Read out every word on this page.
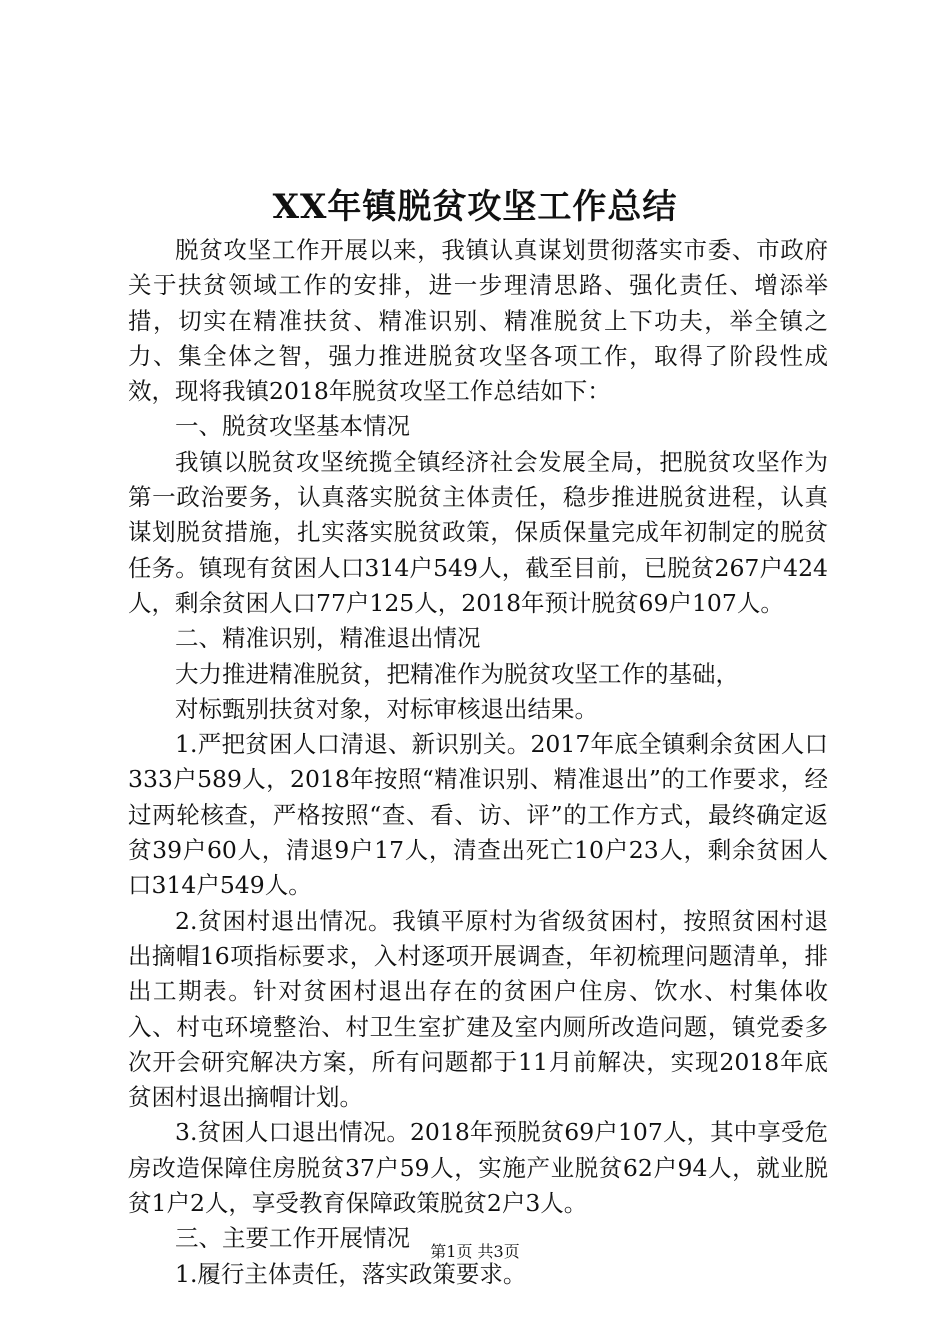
XX年镇脱贫攻坚工作总结

脱贫攻坚工作开展以来，我镇认真谋划贯彻落实市委、市政府关于扶贫领域工作的安排，进一步理清思路、强化责任、增添举措，切实在精准扶贫、精准识别、精准脱贫上下功夫，举全镇之力、集全体之智，强力推进脱贫攻坚各项工作，取得了阶段性成效，现将我镇2018年脱贫攻坚工作总结如下：

一、脱贫攻坚基本情况

我镇以脱贫攻坚统揽全镇经济社会发展全局，把脱贫攻坚作为第一政治要务，认真落实脱贫主体责任，稳步推进脱贫进程，认真谋划脱贫措施，扎实落实脱贫政策，保质保量完成年初制定的脱贫任务。镇现有贫困人口314户549人，截至目前，已脱贫267户424人，剩余贫困人口77户125人，2018年预计脱贫69户107人。

二、精准识别，精准退出情况

大力推进精准脱贫，把精准作为脱贫攻坚工作的基础，

对标甄别扶贫对象，对标审核退出结果。

1.严把贫困人口清退、新识别关。2017年底全镇剩余贫困人口333户589人，2018年按照“精准识别、精准退出”的工作要求，经过两轮核查，严格按照“查、看、访、评”的工作方式，最终确定返贫39户60人，清退9户17人，清查出死亡10户23人，剩余贫困人口314户549人。

2.贫困村退出情况。我镇平原村为省级贫困村，按照贫困村退出摘帽16项指标要求，入村逐项开展调查，年初梳理问题清单，排出工期表。针对贫困村退出存在的贫困户住房、饮水、村集体收入、村屯环境整治、村卫生室扩建及室内厕所改造问题，镇党委多次开会研究解决方案，所有问题都于11月前解决，实现2018年底贫困村退出摘帽计划。

3.贫困人口退出情况。2018年预脱贫69户107人，其中享受危房改造保障住房脱贫37户59人，实施产业脱贫62户94人，就业脱贫1户2人，享受教育保障政策脱贫2户3人。

三、主要工作开展情况

1.履行主体责任，落实政策要求。

第1页 共3页
